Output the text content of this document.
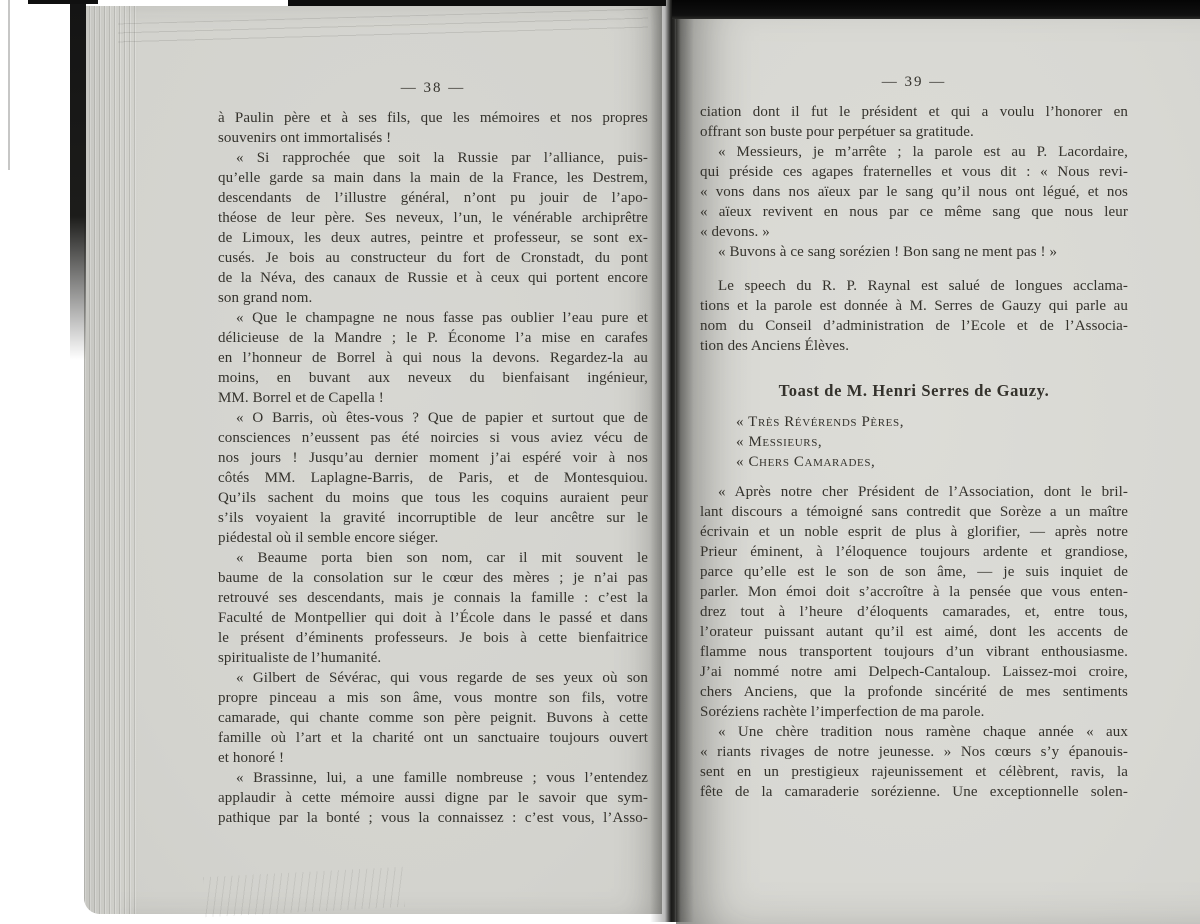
— 38 —
à Paulin père et à ses fils, que les mémoires et nos propres
souvenirs ont immortalisés !
« Si rapprochée que soit la Russie par l’alliance, puis-
qu’elle garde sa main dans la main de la France, les Destrem,
descendants de l’illustre général, n’ont pu jouir de l’apo-
théose de leur père. Ses neveux, l’un, le vénérable archiprêtre
de Limoux, les deux autres, peintre et professeur, se sont ex-
cusés. Je bois au constructeur du fort de Cronstadt, du pont
de la Néva, des canaux de Russie et à ceux qui portent encore
son grand nom.
« Que le champagne ne nous fasse pas oublier l’eau pure et
délicieuse de la Mandre ; le P. Économe l’a mise en carafes
en l’honneur de Borrel à qui nous la devons. Regardez-la au
moins, en buvant aux neveux du bienfaisant ingénieur,
MM. Borrel et de Capella !
« O Barris, où êtes-vous ? Que de papier et surtout que de
consciences n’eussent pas été noircies si vous aviez vécu de
nos jours ! Jusqu’au dernier moment j’ai espéré voir à nos
côtés MM. Laplagne-Barris, de Paris, et de Montesquiou.
Qu’ils sachent du moins que tous les coquins auraient peur
s’ils voyaient la gravité incorruptible de leur ancêtre sur le
piédestal où il semble encore siéger.
« Beaume porta bien son nom, car il mit souvent le
baume de la consolation sur le cœur des mères ; je n’ai pas
retrouvé ses descendants, mais je connais la famille : c’est la
Faculté de Montpellier qui doit à l’École dans le passé et dans
le présent d’éminents professeurs. Je bois à cette bienfaitrice
spiritualiste de l’humanité.
« Gilbert de Sévérac, qui vous regarde de ses yeux où son
propre pinceau a mis son âme, vous montre son fils, votre
camarade, qui chante comme son père peignit. Buvons à cette
famille où l’art et la charité ont un sanctuaire toujours ouvert
et honoré !
« Brassinne, lui, a une famille nombreuse ; vous l’entendez
applaudir à cette mémoire aussi digne par le savoir que sym-
pathique par la bonté ; vous la connaissez : c’est vous, l’Asso-
— 39 —
ciation dont il fut le président et qui a voulu l’honorer en
offrant son buste pour perpétuer sa gratitude.
« Messieurs, je m’arrête ; la parole est au P. Lacordaire,
qui préside ces agapes fraternelles et vous dit : « Nous revi-
« vons dans nos aïeux par le sang qu’il nous ont légué, et nos
« aïeux revivent en nous par ce même sang que nous leur
« devons. »
« Buvons à ce sang sorézien ! Bon sang ne ment pas ! »
Le speech du R. P. Raynal est salué de longues acclama-
tions et la parole est donnée à M. Serres de Gauzy qui parle au
nom du Conseil d’administration de l’Ecole et de l’Associa-
tion des Anciens Élèves.
Toast de M. Henri Serres de Gauzy.
« Très Révérends Pères,
« Messieurs,
« Chers Camarades,
« Après notre cher Président de l’Association, dont le bril-
lant discours a témoigné sans contredit que Sorèze a un maître
écrivain et un noble esprit de plus à glorifier, — après notre
Prieur éminent, à l’éloquence toujours ardente et grandiose,
parce qu’elle est le son de son âme, — je suis inquiet de
parler. Mon émoi doit s’accroître à la pensée que vous enten-
drez tout à l’heure d’éloquents camarades, et, entre tous,
l’orateur puissant autant qu’il est aimé, dont les accents de
flamme nous transportent toujours d’un vibrant enthousiasme.
J’ai nommé notre ami Delpech-Cantaloup. Laissez-moi croire,
chers Anciens, que la profonde sincérité de mes sentiments
Soréziens rachète l’imperfection de ma parole.
« Une chère tradition nous ramène chaque année « aux
« riants rivages de notre jeunesse. » Nos cœurs s’y épanouis-
sent en un prestigieux rajeunissement et célèbrent, ravis, la
fête de la camaraderie sorézienne. Une exceptionnelle solen-
